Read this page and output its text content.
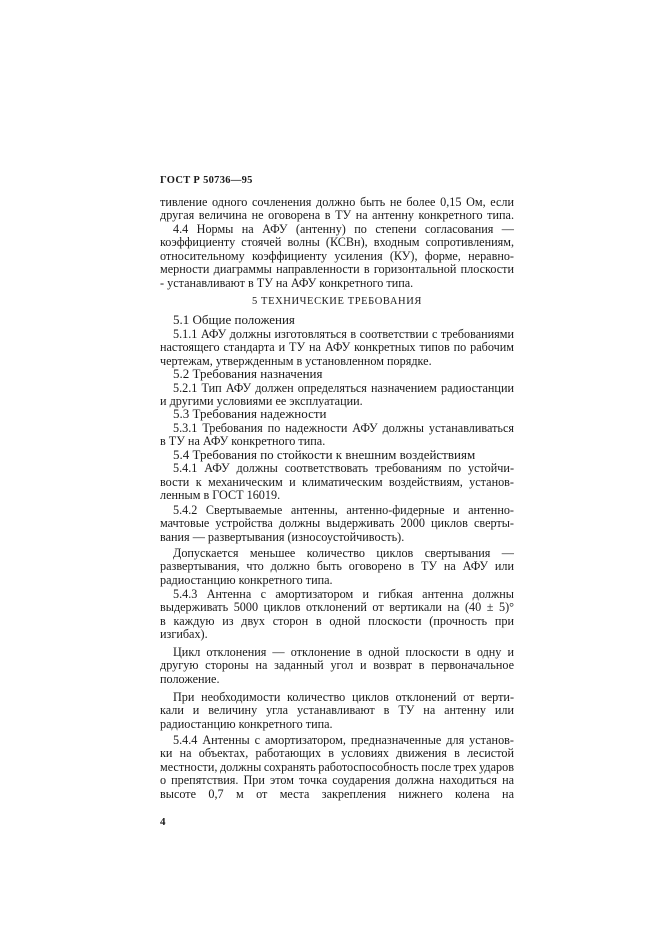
ГОСТ Р 50736—95
тивление одного сочленения должно быть не более 0,15 Ом, если
другая величина не оговорена в ТУ на антенну конкретного типа.
4.4 Нормы на АФУ (антенну) по степени согласования —
коэффициенту стоячей волны (КСВн), входным сопротивлениям,
относительному коэффициенту усиления (КУ), форме, неравно-
мерности диаграммы направленности в горизонтальной плоскости
- устанавливают в ТУ на АФУ конкретного типа.
5 ТЕХНИЧЕСКИЕ ТРЕБОВАНИЯ
5.1 Общие положения
5.1.1 АФУ должны изготовляться в соответствии с требованиями
настоящего стандарта и ТУ на АФУ конкретных типов по рабочим
чертежам, утвержденным в установленном порядке.
5.2 Требования назначения
5.2.1 Тип АФУ должен определяться назначением радиостанции
и другими условиями ее эксплуатации.
5.3 Требования надежности
5.3.1 Требования по надежности АФУ должны устанавливаться
в ТУ на АФУ конкретного типа.
5.4 Требования по стойкости к внешним воздействиям
5.4.1 АФУ должны соответствовать требованиям по устойчи-
вости к механическим и климатическим воздействиям, установ-
ленным в ГОСТ 16019.
5.4.2 Свертываемые антенны, антенно-фидерные и антенно-
мачтовые устройства должны выдерживать 2000 циклов сверты-
вания — развертывания (износоустойчивость).
Допускается меньшее количество циклов свертывания —
развертывания, что должно быть оговорено в ТУ на АФУ или
радиостанцию конкретного типа.
5.4.3 Антенна с амортизатором и гибкая антенна должны
выдерживать 5000 циклов отклонений от вертикали на (40 ± 5)°
в каждую из двух сторон в одной плоскости (прочность при
изгибах).
Цикл отклонения — отклонение в одной плоскости в одну и
другую стороны на заданный угол и возврат в первоначальное
положение.
При необходимости количество циклов отклонений от верти-
кали и величину угла устанавливают в ТУ на антенну или
радиостанцию конкретного типа.
5.4.4 Антенны с амортизатором, предназначенные для установ-
ки на объектах, работающих в условиях движения в лесистой
местности, должны сохранять работоспособность после трех ударов
о препятствия. При этом точка соударения должна находиться на
высоте 0,7 м от места закрепления нижнего колена на
4
